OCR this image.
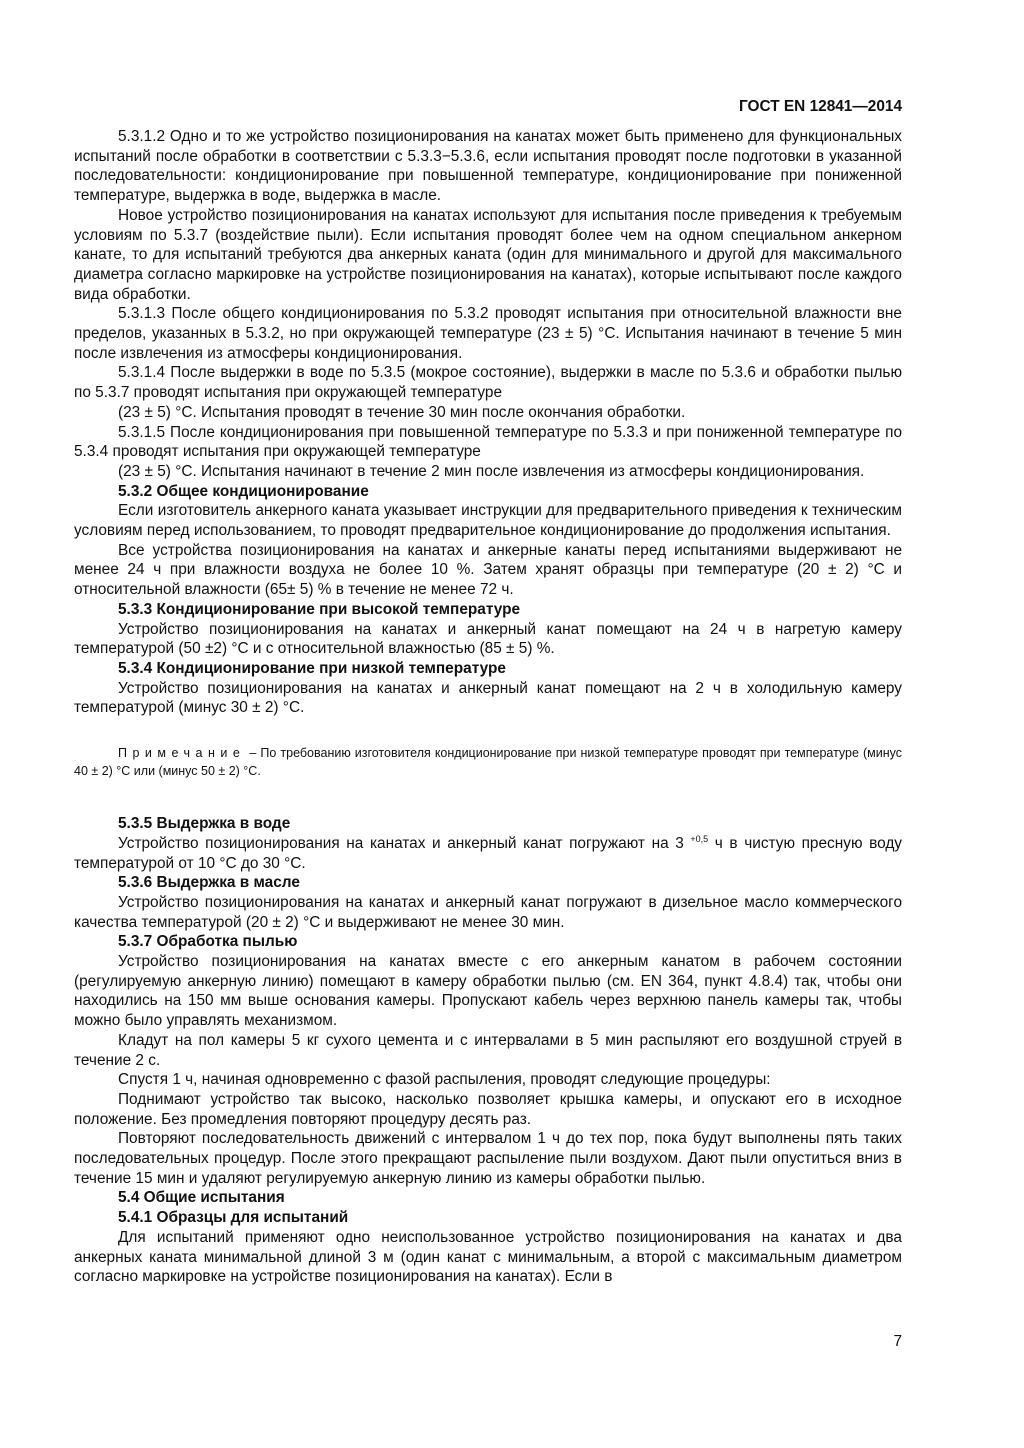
ГОСТ EN 12841—2014

5.3.1.2 Одно и то же устройство позиционирования на канатах может быть применено для функциональных испытаний после обработки в соответствии с 5.3.3−5.3.6, если испытания проводят после подготовки в указанной последовательности: кондиционирование при повышенной температуре, кондиционирование при пониженной температуре, выдержка в воде, выдержка в масле.

Новое устройство позиционирования на канатах используют для испытания после приведения к требуемым условиям по 5.3.7 (воздействие пыли). Если испытания проводят более чем на одном специальном анкерном канате, то для испытаний требуются два анкерных каната (один для минимального и другой для максимального диаметра согласно маркировке на устройстве позиционирования на канатах), которые испытывают после каждого вида обработки.

5.3.1.3 После общего кондиционирования по 5.3.2 проводят испытания при относительной влажности вне пределов, указанных в 5.3.2, но при окружающей температуре (23 ± 5) °С. Испытания начинают в течение 5 мин после извлечения из атмосферы кондиционирования.

5.3.1.4 После выдержки в воде по 5.3.5 (мокрое состояние), выдержки в масле по 5.3.6 и обработки пылью по 5.3.7 проводят испытания при окружающей температуре

(23 ± 5) °С. Испытания проводят в течение 30 мин после окончания обработки.

5.3.1.5 После кондиционирования при повышенной температуре по 5.3.3 и при пониженной температуре по 5.3.4 проводят испытания при окружающей температуре

(23 ± 5) °С. Испытания начинают в течение 2 мин после извлечения из атмосферы кондиционирования.

5.3.2 Общее кондиционирование

Если изготовитель анкерного каната указывает инструкции для предварительного приведения к техническим условиям перед использованием, то проводят предварительное кондиционирование до продолжения испытания.

Все устройства позиционирования на канатах и анкерные канаты перед испытаниями выдерживают не менее 24 ч при влажности воздуха не более 10 %. Затем хранят образцы при температуре (20 ± 2) °С и относительной влажности (65± 5) % в течение не менее 72 ч.

5.3.3 Кондиционирование при высокой температуре

Устройство позиционирования на канатах и анкерный канат помещают на 24 ч в нагретую камеру температурой (50 ±2) °С и с относительной влажностью (85 ± 5) %.

5.3.4 Кондиционирование при низкой температуре

Устройство позиционирования на канатах и анкерный канат помещают на 2 ч в холодильную камеру температурой (минус 30 ± 2) °С.

Примечание – По требованию изготовителя кондиционирование при низкой температуре проводят при температуре (минус 40 ± 2) °С или (минус 50 ± 2) °С.
5.3.5 Выдержка в воде

Устройство позиционирования на канатах и анкерный канат погружают на 3 $^{+0,5}$ ч в чистую пресную воду температурой от 10 °С до 30 °С.

5.3.6 Выдержка в масле

Устройство позиционирования на канатах и анкерный канат погружают в дизельное масло коммерческого качества температурой (20 ± 2) °С и выдерживают не менее 30 мин.

5.3.7 Обработка пылью

Устройство позиционирования на канатах вместе с его анкерным канатом в рабочем состоянии (регулируемую анкерную линию) помещают в камеру обработки пылью (см. EN 364, пункт 4.8.4) так, чтобы они находились на 150 мм выше основания камеры. Пропускают кабель через верхнюю панель камеры так, чтобы можно было управлять механизмом.

Кладут на пол камеры 5 кг сухого цемента и с интервалами в 5 мин распыляют его воздушной струей в течение 2 с.

Спустя 1 ч, начиная одновременно с фазой распыления, проводят следующие процедуры:

Поднимают устройство так высоко, насколько позволяет крышка камеры, и опускают его в исходное положение. Без промедления повторяют процедуру десять раз.

Повторяют последовательность движений с интервалом 1 ч до тех пор, пока будут выполнены пять таких последовательных процедур. После этого прекращают распыление пыли воздухом. Дают пыли опуститься вниз в течение 15 мин и удаляют регулируемую анкерную линию из камеры обработки пылью.

5.4 Общие испытания
5.4.1 Образцы для испытаний

Для испытаний применяют одно неиспользованное устройство позиционирования на канатах и два анкерных каната минимальной длиной 3 м (один канат с минимальным, а второй с максимальным диаметром согласно маркировке на устройстве позиционирования на канатах). Если в

7
